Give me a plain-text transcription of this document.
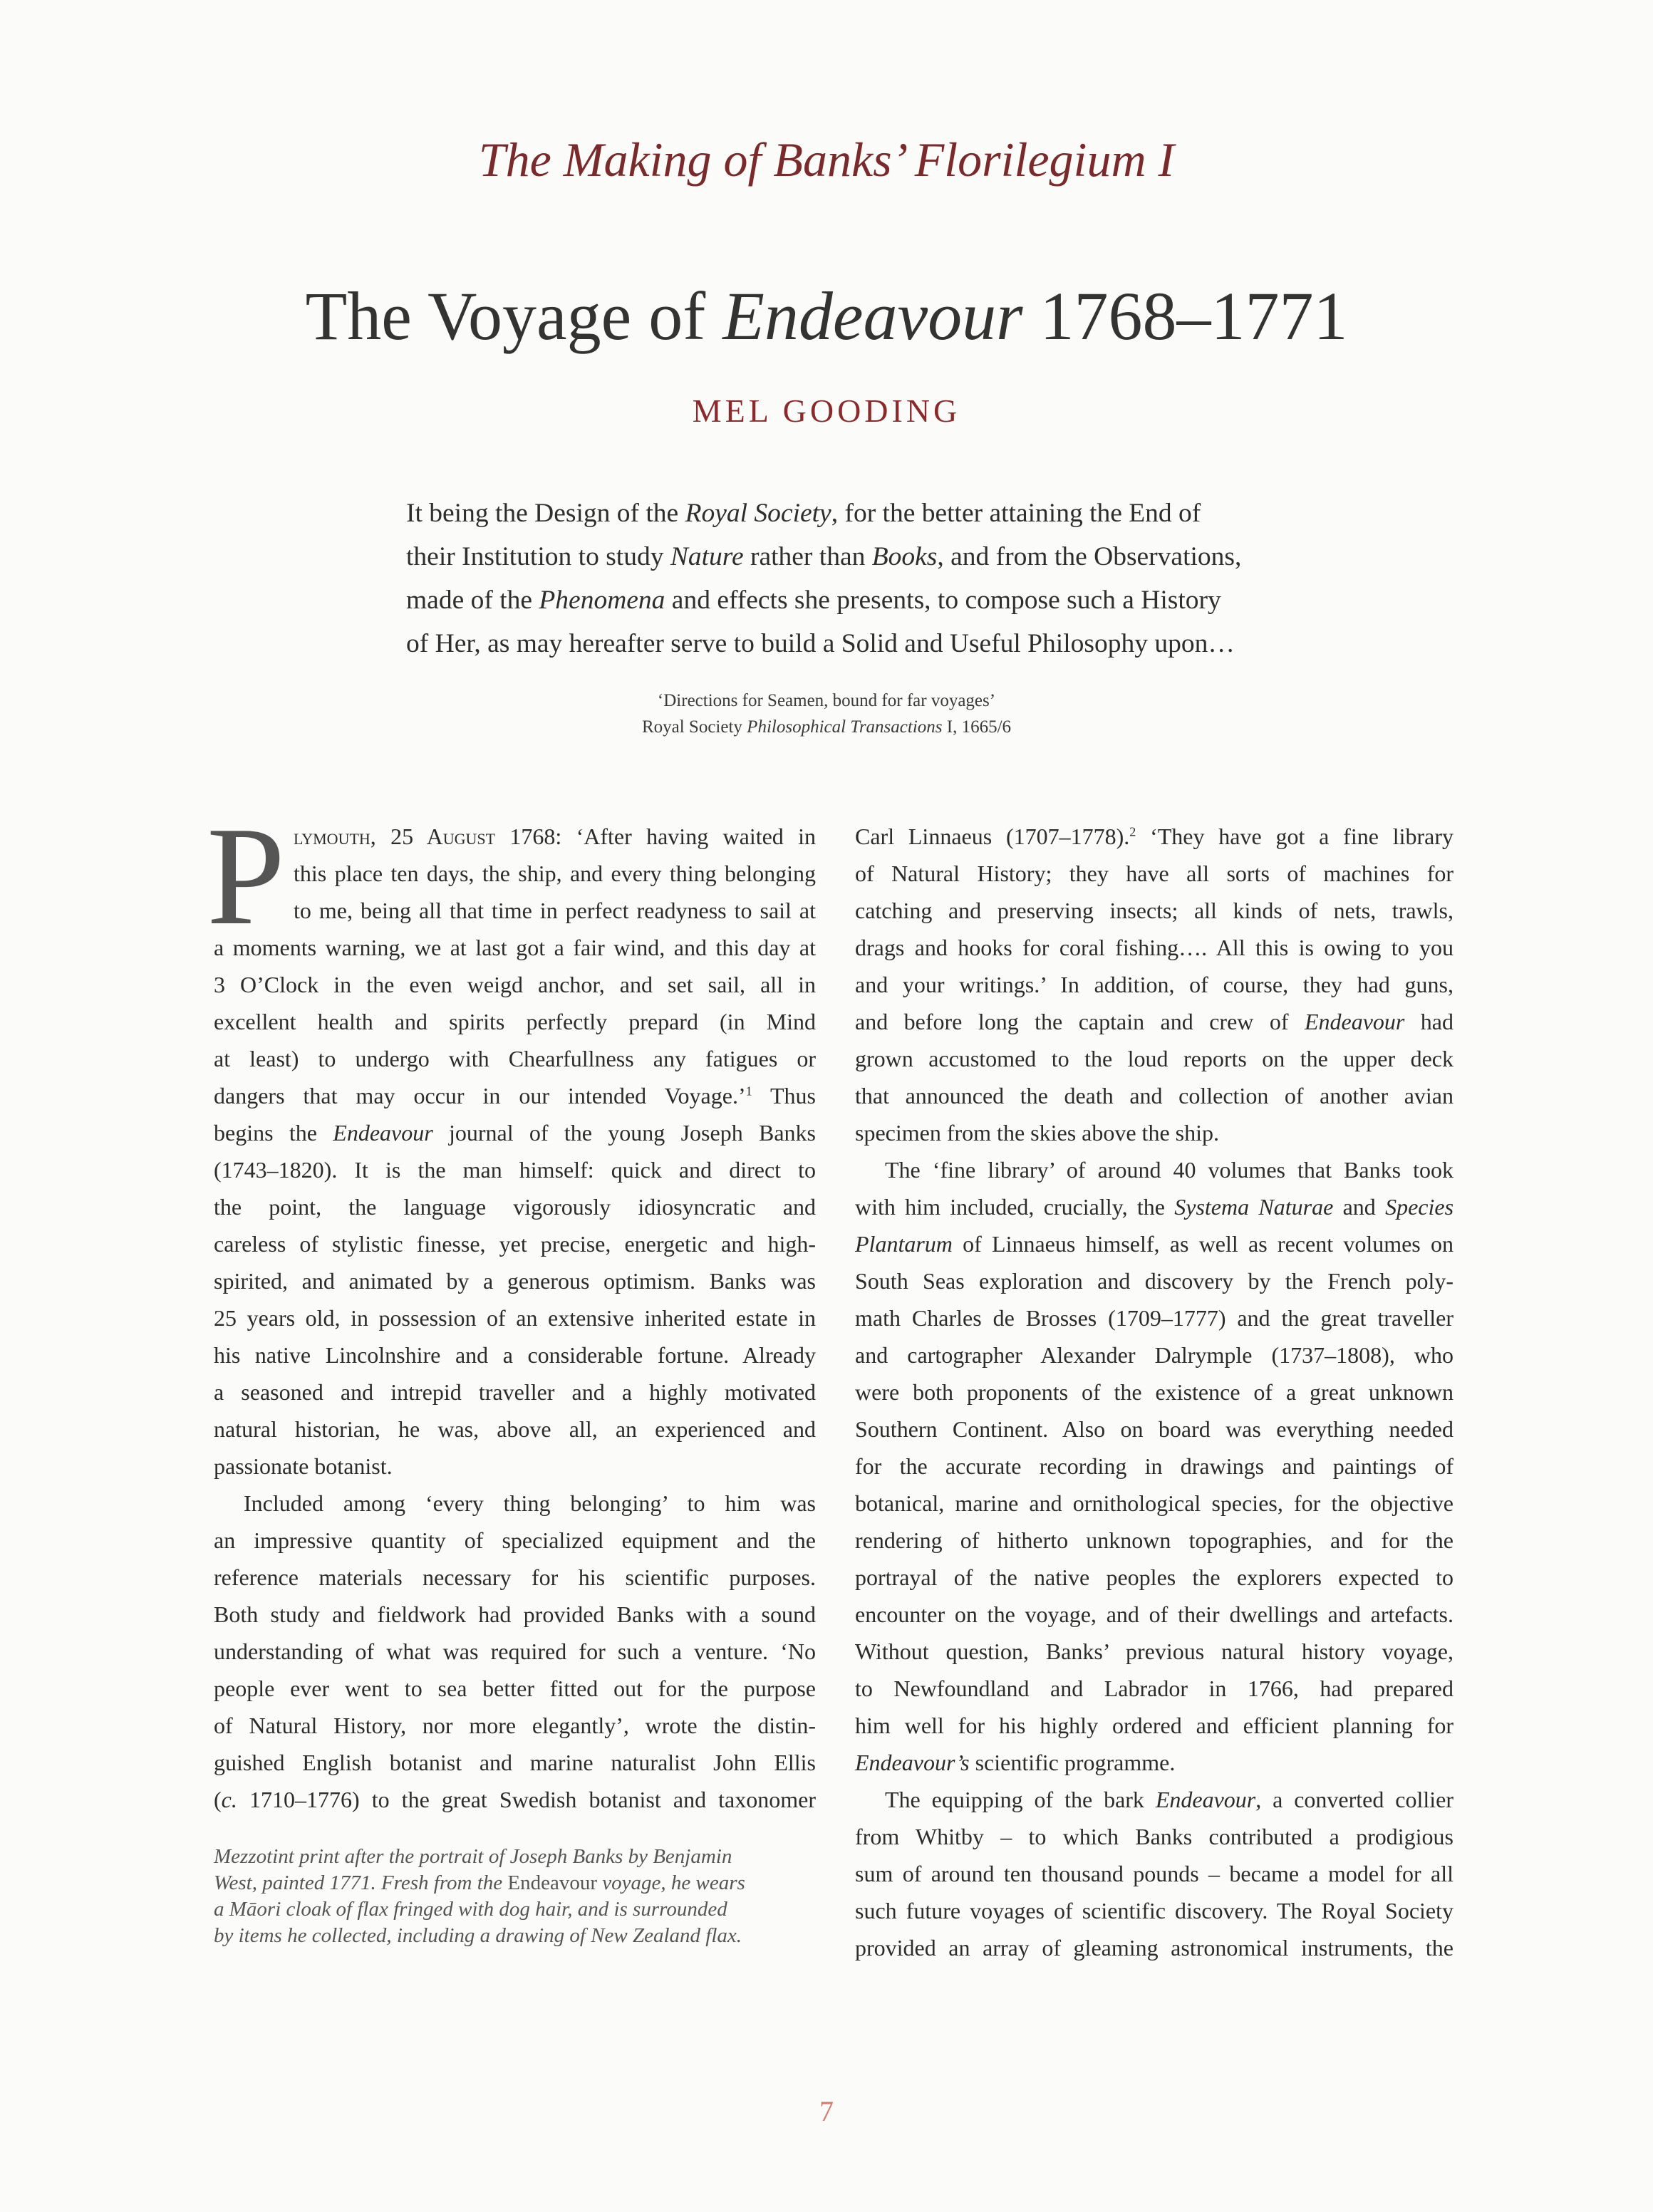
The Making of Banks’ Florilegium I
The Voyage of Endeavour 1768–1771
MEL GOODING
It being the Design of the Royal Society, for the better attaining the End of
their Institution to study Nature rather than Books, and from the Observations,
made of the Phenomena and effects she presents, to compose such a History
of Her, as may hereafter serve to build a Solid and Useful Philosophy upon…
‘Directions for Seamen, bound for far voyages’
Royal Society Philosophical Transactions I, 1665/6
P lymouth, 25 August 1768: ‘After having waited in
this place ten days, the ship, and every thing belonging
to me, being all that time in perfect readyness to sail at
a moments warning, we at last got a fair wind, and this day at
3 O’Clock in the even weigd anchor, and set sail, all in
excellent health and spirits perfectly prepard (in Mind
at least) to undergo with Chearfullness any fatigues or
dangers that may occur in our intended Voyage.’$^1$ Thus
begins the Endeavour journal of the young Joseph Banks
(1743–1820). It is the man himself: quick and direct to
the point, the language vigorously idiosyncratic and
careless of stylistic finesse, yet precise, energetic and high-
spirited, and animated by a generous optimism. Banks was
25 years old, in possession of an extensive inherited estate in
his native Lincolnshire and a considerable fortune. Already
a seasoned and intrepid traveller and a highly motivated
natural historian, he was, above all, an experienced and
passionate botanist.
Included among ‘every thing belonging’ to him was
an impressive quantity of specialized equipment and the
reference materials necessary for his scientific purposes.
Both study and fieldwork had provided Banks with a sound
understanding of what was required for such a venture. ‘No
people ever went to sea better fitted out for the purpose
of Natural History, nor more elegantly’, wrote the distin-
guished English botanist and marine naturalist John Ellis
(c. 1710–1776) to the great Swedish botanist and taxonomer
Mezzotint print after the portrait of Joseph Banks by Benjamin
West, painted 1771. Fresh from the Endeavour voyage, he wears
a Māori cloak of flax fringed with dog hair, and is surrounded
by items he collected, including a drawing of New Zealand flax.
Carl Linnaeus (1707–1778).$^2$ ‘They have got a fine library
of Natural History; they have all sorts of machines for
catching and preserving insects; all kinds of nets, trawls,
drags and hooks for coral fishing…. All this is owing to you
and your writings.’ In addition, of course, they had guns,
and before long the captain and crew of Endeavour had
grown accustomed to the loud reports on the upper deck
that announced the death and collection of another avian
specimen from the skies above the ship.
The ‘fine library’ of around 40 volumes that Banks took
with him included, crucially, the Systema Naturae and Species
Plantarum of Linnaeus himself, as well as recent volumes on
South Seas exploration and discovery by the French poly-
math Charles de Brosses (1709–1777) and the great traveller
and cartographer Alexander Dalrymple (1737–1808), who
were both proponents of the existence of a great unknown
Southern Continent. Also on board was everything needed
for the accurate recording in drawings and paintings of
botanical, marine and ornithological species, for the objective
rendering of hitherto unknown topographies, and for the
portrayal of the native peoples the explorers expected to
encounter on the voyage, and of their dwellings and artefacts.
Without question, Banks’ previous natural history voyage,
to Newfoundland and Labrador in 1766, had prepared
him well for his highly ordered and efficient planning for
Endeavour’s scientific programme.
The equipping of the bark Endeavour, a converted collier
from Whitby – to which Banks contributed a prodigious
sum of around ten thousand pounds – became a model for all
such future voyages of scientific discovery. The Royal Society
provided an array of gleaming astronomical instruments, the
7
